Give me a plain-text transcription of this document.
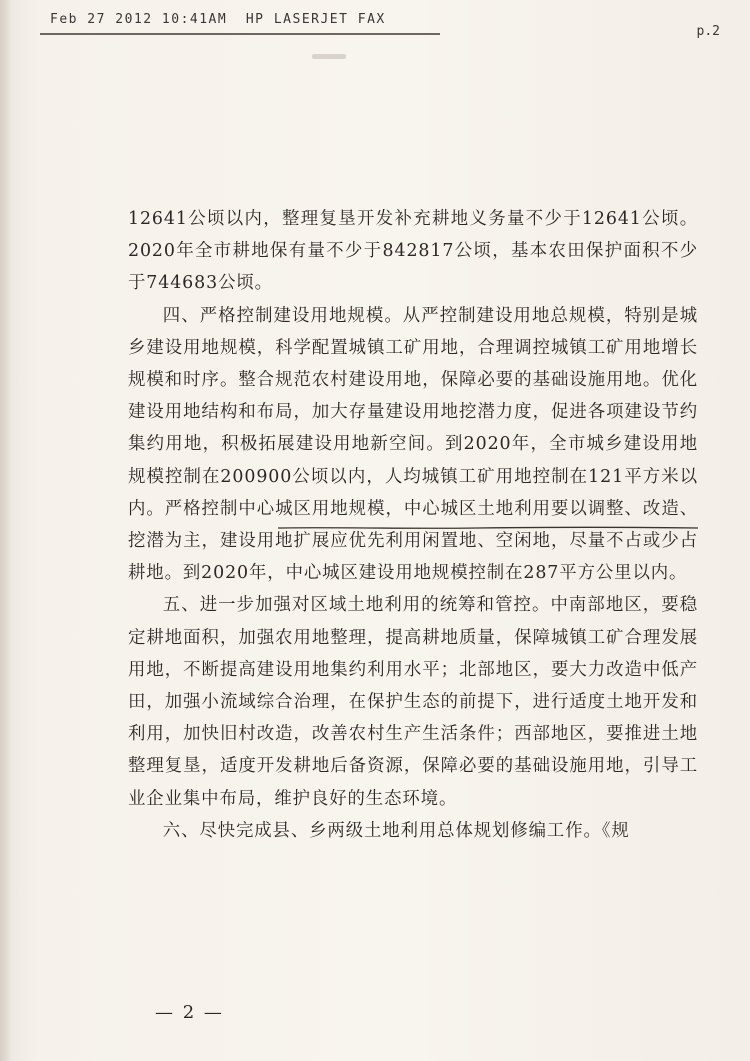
Feb 27 2012 10:41AM  HP LASERJET FAX
p.2

12641公顷以内，整理复垦开发补充耕地义务量不少于12641公顷。2020年全市耕地保有量不少于842817公顷，基本农田保护面积不少于744683公顷。

四、严格控制建设用地规模。从严控制建设用地总规模，特别是城乡建设用地规模，科学配置城镇工矿用地，合理调控城镇工矿用地增长规模和时序。整合规范农村建设用地，保障必要的基础设施用地。优化建设用地结构和布局，加大存量建设用地挖潜力度，促进各项建设节约集约用地，积极拓展建设用地新空间。到2020年，全市城乡建设用地规模控制在200900公顷以内，人均城镇工矿用地控制在121平方米以内。严格控制中心城区用地规模，中心城区土地利用要以调整、改造、挖潜为主，建设用地扩展应优先利用闲置地、空闲地，尽量不占或少占耕地。到2020年，中心城区建设用地规模控制在287平方公里以内。

五、进一步加强对区域土地利用的统筹和管控。中南部地区，要稳定耕地面积，加强农用地整理，提高耕地质量，保障城镇工矿合理发展用地，不断提高建设用地集约利用水平；北部地区，要大力改造中低产田，加强小流域综合治理，在保护生态的前提下，进行适度土地开发和利用，加快旧村改造，改善农村生产生活条件；西部地区，要推进土地整理复垦，适度开发耕地后备资源，保障必要的基础设施用地，引导工业企业集中布局，维护良好的生态环境。

六、尽快完成县、乡两级土地利用总体规划修编工作。《规

— 2 —
